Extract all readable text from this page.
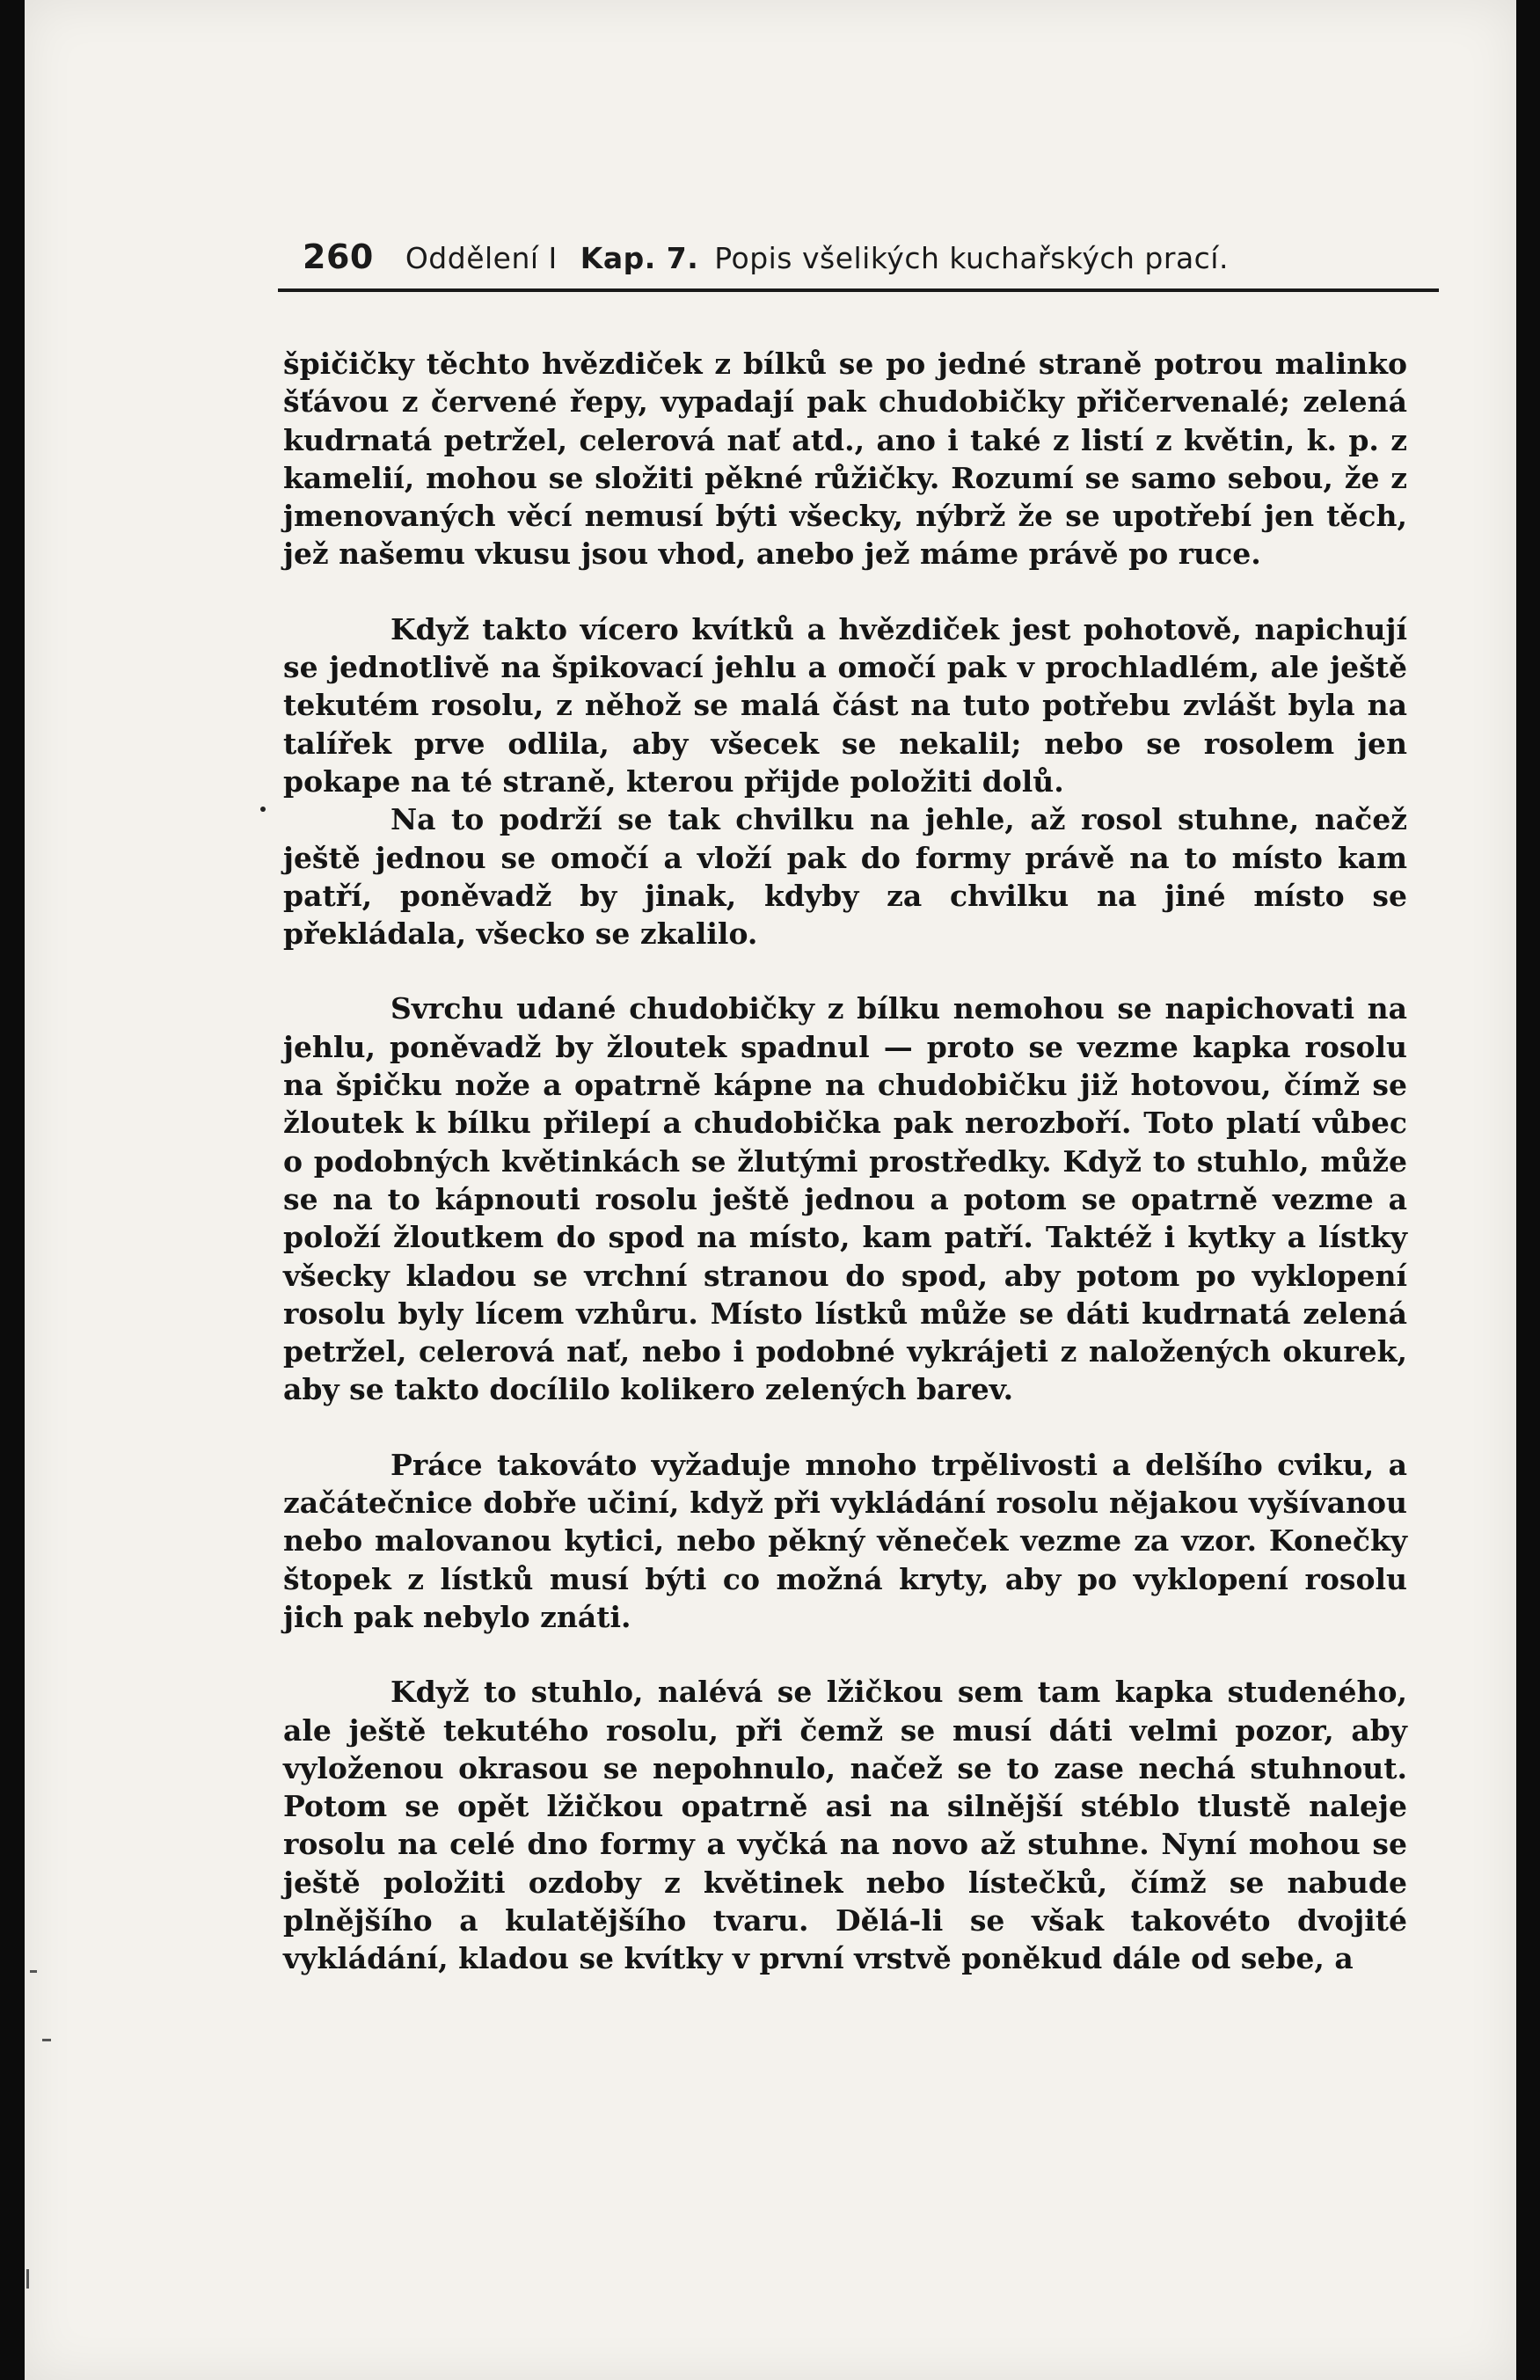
260 Oddělení I Kap. 7. Popis všelikých kuchařských prací.

špičičky těchto hvězdiček z bílků se po jedné straně potrou malinko šťávou z červené řepy, vypadají pak chudobičky přičervenalé; zelená kudrnatá petržel, celerová nať atd., ano i také z listí z květin, k. p. z kamelií, mohou se složiti pěkné růžičky. Rozumí se samo sebou, že z jmenovaných věcí nemusí býti všecky, nýbrž že se upotřebí jen těch, jež našemu vkusu jsou vhod, anebo jež máme právě po ruce.

Když takto vícero kvítků a hvězdiček jest pohotově, napichují se jednotlivě na špikovací jehlu a omočí pak v prochladlém, ale ještě tekutém rosolu, z něhož se malá část na tuto potřebu zvlášt byla na talířek prve odlila, aby všecek se nekalil; nebo se rosolem jen pokape na té straně, kterou přijde položiti dolů.

Na to podrží se tak chvilku na jehle, až rosol stuhne, načež ještě jednou se omočí a vloží pak do formy právě na to místo kam patří, poněvadž by jinak, kdyby za chvilku na jiné místo se překládala, všecko se zkalilo.

Svrchu udané chudobičky z bílku nemohou se napichovati na jehlu, poněvadž by žloutek spadnul — proto se vezme kapka rosolu na špičku nože a opatrně kápne na chudobičku již hotovou, čímž se žloutek k bílku přilepí a chudobička pak nerozboří. Toto platí vůbec o podobných květinkách se žlutými prostředky. Když to stuhlo, může se na to kápnouti rosolu ještě jednou a potom se opatrně vezme a položí žloutkem do spod na místo, kam patří. Taktéž i kytky a lístky všecky kladou se vrchní stranou do spod, aby potom po vyklopení rosolu byly lícem vzhůru. Místo lístků může se dáti kudrnatá zelená petržel, celerová nať, nebo i podobné vykrájeti z naložených okurek, aby se takto docílilo kolikero zelených barev.

Práce takováto vyžaduje mnoho trpělivosti a delšího cviku, a začátečnice dobře učiní, když při vykládání rosolu nějakou vyšívanou nebo malovanou kytici, nebo pěkný věneček vezme za vzor. Konečky štopek z lístků musí býti co možná kryty, aby po vyklopení rosolu jich pak nebylo znáti.

Když to stuhlo, nalévá se lžičkou sem tam kapka studeného, ale ještě tekutého rosolu, při čemž se musí dáti velmi pozor, aby vyloženou okrasou se nepohnulo, načež se to zase nechá stuhnout. Potom se opět lžičkou opatrně asi na silnější stéblo tlustě naleje rosolu na celé dno formy a vyčká na novo až stuhne. Nyní mohou se ještě položiti ozdoby z květinek nebo lístečků, čímž se nabude plnějšího a kulatějšího tvaru. Dělá-li se však takovéto dvojité vykládání, kladou se kvítky v první vrstvě poněkud dále od sebe, a
